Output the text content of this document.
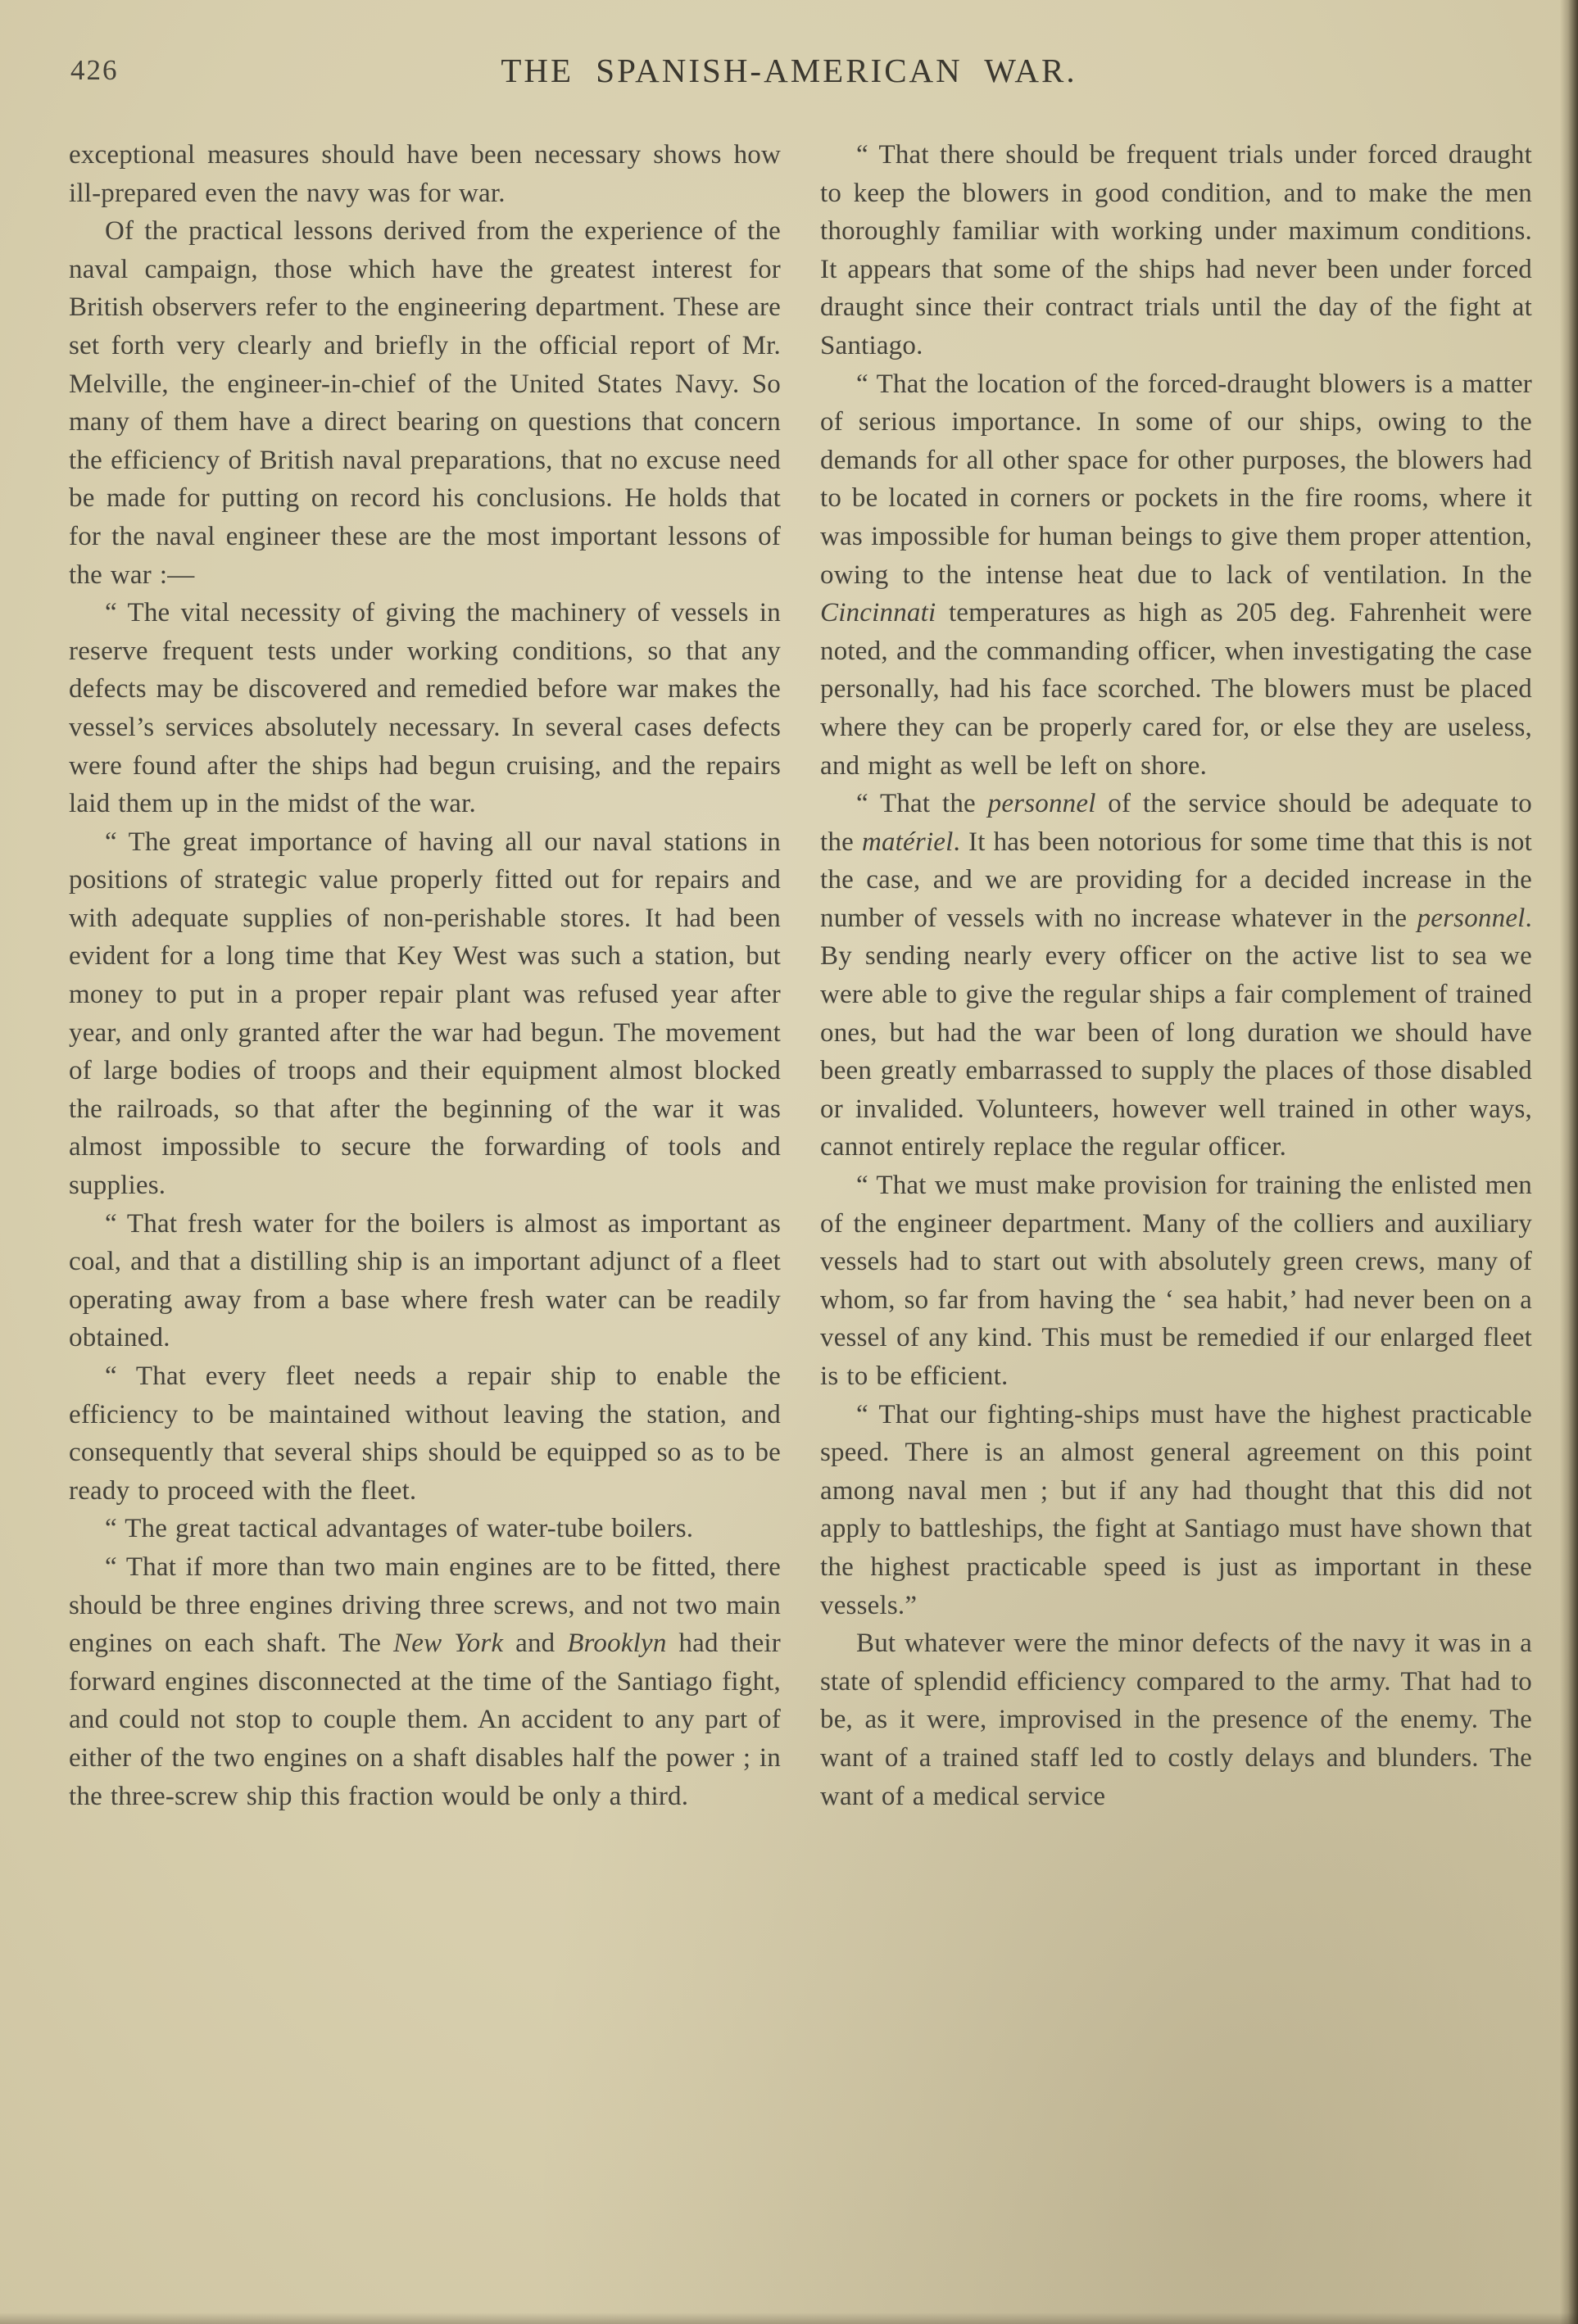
426	THE SPANISH-AMERICAN WAR.

exceptional measures should have been necessary shows how ill-prepared even the navy was for war.

Of the practical lessons derived from the experience of the naval campaign, those which have the greatest interest for British observers refer to the engineering department. These are set forth very clearly and briefly in the official report of Mr. Melville, the engineer-in-chief of the United States Navy. So many of them have a direct bearing on questions that concern the efficiency of British naval preparations, that no excuse need be made for putting on record his conclusions. He holds that for the naval engineer these are the most important lessons of the war :—

“ The vital necessity of giving the machinery of vessels in reserve frequent tests under working conditions, so that any defects may be discovered and remedied before war makes the vessel’s services absolutely necessary. In several cases defects were found after the ships had begun cruising, and the repairs laid them up in the midst of the war.

“ The great importance of having all our naval stations in positions of strategic value properly fitted out for repairs and with adequate supplies of non-perishable stores. It had been evident for a long time that Key West was such a station, but money to put in a proper repair plant was refused year after year, and only granted after the war had begun. The movement of large bodies of troops and their equipment almost blocked the railroads, so that after the beginning of the war it was almost impossible to secure the forwarding of tools and supplies.

“ That fresh water for the boilers is almost as important as coal, and that a distilling ship is an important adjunct of a fleet operating away from a base where fresh water can be readily obtained.

“ That every fleet needs a repair ship to enable the efficiency to be maintained without leaving the station, and consequently that several ships should be equipped so as to be ready to proceed with the fleet.

“ The great tactical advantages of water-tube boilers.

“ That if more than two main engines are to be fitted, there should be three engines driving three screws, and not two main engines on each shaft. The New York and Brooklyn had their forward engines disconnected at the time of the Santiago fight, and could not stop to couple them. An accident to any part of either of the two engines on a shaft disables half the power ; in the three-screw ship this fraction would be only a third.

“ That there should be frequent trials under forced draught to keep the blowers in good condition, and to make the men thoroughly familiar with working under maximum conditions. It appears that some of the ships had never been under forced draught since their contract trials until the day of the fight at Santiago.

“ That the location of the forced-draught blowers is a matter of serious importance. In some of our ships, owing to the demands for all other space for other purposes, the blowers had to be located in corners or pockets in the fire rooms, where it was impossible for human beings to give them proper attention, owing to the intense heat due to lack of ventilation. In the Cincinnati temperatures as high as 205 deg. Fahrenheit were noted, and the commanding officer, when investigating the case personally, had his face scorched. The blowers must be placed where they can be properly cared for, or else they are useless, and might as well be left on shore.

“ That the personnel of the service should be adequate to the matériel. It has been notorious for some time that this is not the case, and we are providing for a decided increase in the number of vessels with no increase whatever in the personnel. By sending nearly every officer on the active list to sea we were able to give the regular ships a fair complement of trained ones, but had the war been of long duration we should have been greatly embarrassed to supply the places of those disabled or invalided. Volunteers, however well trained in other ways, cannot entirely replace the regular officer.

“ That we must make provision for training the enlisted men of the engineer department. Many of the colliers and auxiliary vessels had to start out with absolutely green crews, many of whom, so far from having the ‘ sea habit,’ had never been on a vessel of any kind. This must be remedied if our enlarged fleet is to be efficient.

“ That our fighting-ships must have the highest practicable speed. There is an almost general agreement on this point among naval men ; but if any had thought that this did not apply to battleships, the fight at Santiago must have shown that the highest practicable speed is just as important in these vessels.”

But whatever were the minor defects of the navy it was in a state of splendid efficiency compared to the army. That had to be, as it were, improvised in the presence of the enemy. The want of a trained staff led to costly delays and blunders. The want of a medical service
